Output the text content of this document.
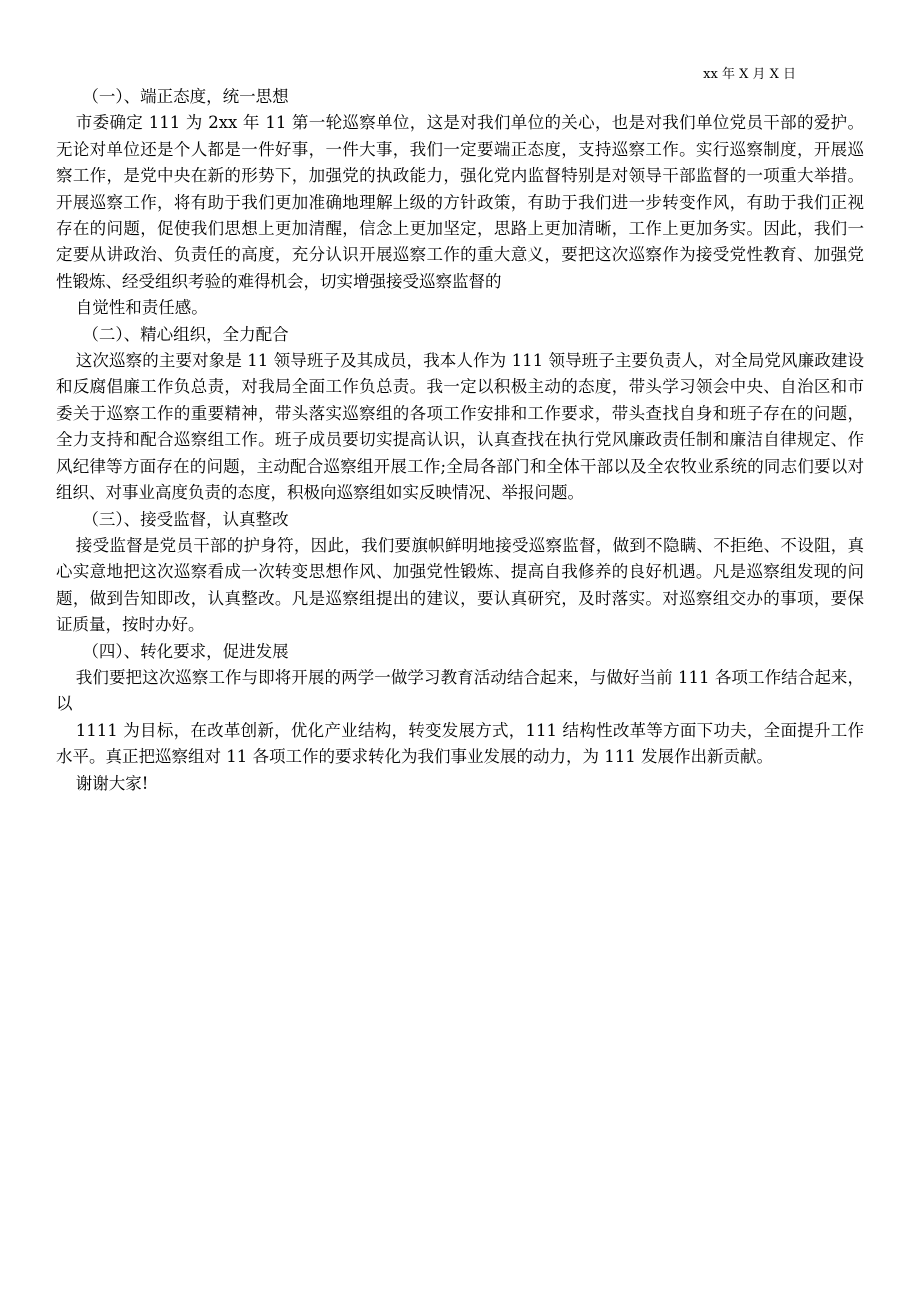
xx 年 X 月 X 日

（一）、端正态度，统一思想

市委确定 111 为 2xx 年 11 第一轮巡察单位，这是对我们单位的关心，也是对我们单位党员干部的爱护。无论对单位还是个人都是一件好事，一件大事，我们一定要端正态度，支持巡察工作。实行巡察制度，开展巡察工作，是党中央在新的形势下，加强党的执政能力，强化党内监督特别是对领导干部监督的一项重大举措。开展巡察工作，将有助于我们更加准确地理解上级的方针政策，有助于我们进一步转变作风，有助于我们正视存在的问题，促使我们思想上更加清醒，信念上更加坚定，思路上更加清晰，工作上更加务实。因此，我们一定要从讲政治、负责任的高度，充分认识开展巡察工作的重大意义，要把这次巡察作为接受党性教育、加强党性锻炼、经受组织考验的难得机会，切实增强接受巡察监督的

自觉性和责任感。

（二）、精心组织，全力配合

这次巡察的主要对象是 11 领导班子及其成员，我本人作为 111 领导班子主要负责人，对全局党风廉政建设和反腐倡廉工作负总责，对我局全面工作负总责。我一定以积极主动的态度，带头学习领会中央、自治区和市委关于巡察工作的重要精神，带头落实巡察组的各项工作安排和工作要求，带头查找自身和班子存在的问题，全力支持和配合巡察组工作。班子成员要切实提高认识，认真查找在执行党风廉政责任制和廉洁自律规定、作风纪律等方面存在的问题，主动配合巡察组开展工作;全局各部门和全体干部以及全农牧业系统的同志们要以对组织、对事业高度负责的态度，积极向巡察组如实反映情况、举报问题。

（三）、接受监督，认真整改

接受监督是党员干部的护身符，因此，我们要旗帜鲜明地接受巡察监督，做到不隐瞒、不拒绝、不设阻，真心实意地把这次巡察看成一次转变思想作风、加强党性锻炼、提高自我修养的良好机遇。凡是巡察组发现的问题，做到告知即改，认真整改。凡是巡察组提出的建议，要认真研究，及时落实。对巡察组交办的事项，要保证质量，按时办好。

（四）、转化要求，促进发展

我们要把这次巡察工作与即将开展的两学一做学习教育活动结合起来，与做好当前 111 各项工作结合起来，以

1111 为目标，在改革创新，优化产业结构，转变发展方式，111 结构性改革等方面下功夫，全面提升工作水平。真正把巡察组对 11 各项工作的要求转化为我们事业发展的动力，为 111 发展作出新贡献。

谢谢大家!
